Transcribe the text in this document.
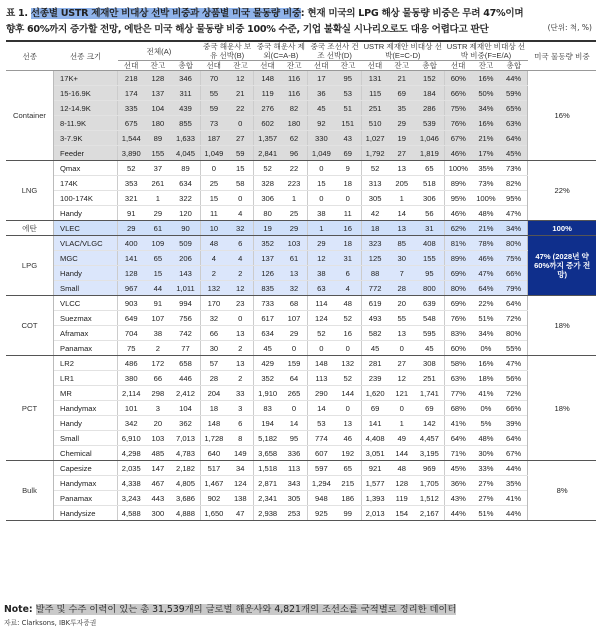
표 1. 선종별 USTR 제재안 비대상 선박 비중과 상품별 미국 물동량 비중: 현재 미국의 LPG 해상 물동량 비중은 무려 47%이며 향후 60%까지 증가할 전망, 에탄은 미국 해상 물동량 비중 100% 수준, 기업 불확실 시나리오로도 대응 어렵다고 판단	(단위: 척, %)
선종	선종 크기	전체(A)			중국 해운사 보유 선박(B)		중국 해운사 제외(C=A-B)		중국 조선사 건조 선박(D)		USTR 제재안 비대상 선박(E=C-D)			USTR 제재안 비대상 선박 비중(F=E/A)			미국 물동량 비중
		선대	잔고	총합	선대	잔고	선대	잔고	선대	잔고	선대	잔고	총합	선대	잔고	총합	
Container	17K+	218	128	346	70	12	148	116	17	95	131	21	152	60%	16%	44%	16%
	15-16.9K	174	137	311	55	21	119	116	36	53	115	69	184	66%	50%	59%	
	12-14.9K	335	104	439	59	22	276	82	45	51	251	35	286	75%	34%	65%	
	8-11.9K	675	180	855	73	0	602	180	92	151	510	29	539	76%	16%	63%	
	3-7.9K	1,544	89	1,633	187	27	1,357	62	330	43	1,027	19	1,046	67%	21%	64%	
	Feeder	3,890	155	4,045	1,049	59	2,841	96	1,049	69	1,792	27	1,819	46%	17%	45%	
LNG	Qmax	52	37	89	0	15	52	22	0	9	52	13	65	100%	35%	73%	22%
	174K	353	261	634	25	58	328	223	15	18	313	205	518	89%	73%	82%	
	100-174K	321	1	322	15	0	306	1	0	0	305	1	306	95%	100%	95%	
	Handy	91	29	120	11	4	80	25	38	11	42	14	56	46%	48%	47%	
에탄	VLEC	29	61	90	10	32	19	29	1	16	18	13	31	62%	21%	34%	100%
LPG	VLAC/VLGC	400	109	509	48	6	352	103	29	18	323	85	408	81%	78%	80%	47% (2028년 약 60%까지 증가 전망)
	MGC	141	65	206	4	4	137	61	12	31	125	30	155	89%	46%	75%	
	Handy	128	15	143	2	2	126	13	38	6	88	7	95	69%	47%	66%	
	Small	967	44	1,011	132	12	835	32	63	4	772	28	800	80%	64%	79%	
COT	VLCC	903	91	994	170	23	733	68	114	48	619	20	639	69%	22%	64%	18%
	Suezmax	649	107	756	32	0	617	107	124	52	493	55	548	76%	51%	72%	
	Aframax	704	38	742	66	13	634	29	52	16	582	13	595	83%	34%	80%	
	Panamax	75	2	77	30	2	45	0	0	0	45	0	45	60%	0%	55%	
PCT	LR2	486	172	658	57	13	429	159	148	132	281	27	308	58%	16%	47%	18%
	LR1	380	66	446	28	2	352	64	113	52	239	12	251	63%	18%	56%	
	MR	2,114	298	2,412	204	33	1,910	265	290	144	1,620	121	1,741	77%	41%	72%	
	Handymax	101	3	104	18	3	83	0	14	0	69	0	69	68%	0%	66%	
	Handy	342	20	362	148	6	194	14	53	13	141	1	142	41%	5%	39%	
	Small	6,910	103	7,013	1,728	8	5,182	95	774	46	4,408	49	4,457	64%	48%	64%	
	Chemical	4,298	485	4,783	640	149	3,658	336	607	192	3,051	144	3,195	71%	30%	67%	
Bulk	Capesize	2,035	147	2,182	517	34	1,518	113	597	65	921	48	969	45%	33%	44%	8%
	Handymax	4,338	467	4,805	1,467	124	2,871	343	1,294	215	1,577	128	1,705	36%	27%	35%	
	Panamax	3,243	443	3,686	902	138	2,341	305	948	186	1,393	119	1,512	43%	27%	41%	
	Handysize	4,588	300	4,888	1,650	47	2,938	253	925	99	2,013	154	2,167	44%	51%	44%	
Note: 발주 및 수주 이력이 있는 총 31,539개의 글로벌 해운사와 4,821개의 조선소를 국적별로 정리한 데이터
자료: Clarksons, IBK투자증권
